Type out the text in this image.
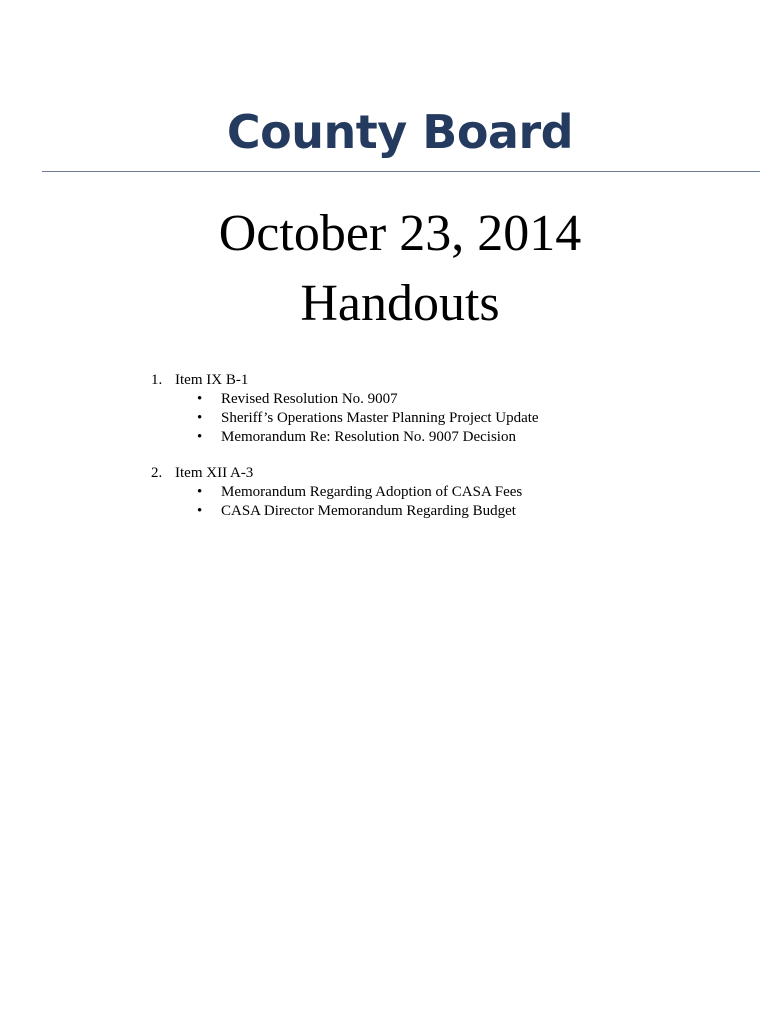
County Board
October 23, 2014
Handouts
1. Item IX B-1
• Revised Resolution No. 9007
• Sheriff’s Operations Master Planning Project Update
• Memorandum Re: Resolution No. 9007 Decision
2. Item XII A-3
• Memorandum Regarding Adoption of CASA Fees
• CASA Director Memorandum Regarding Budget
